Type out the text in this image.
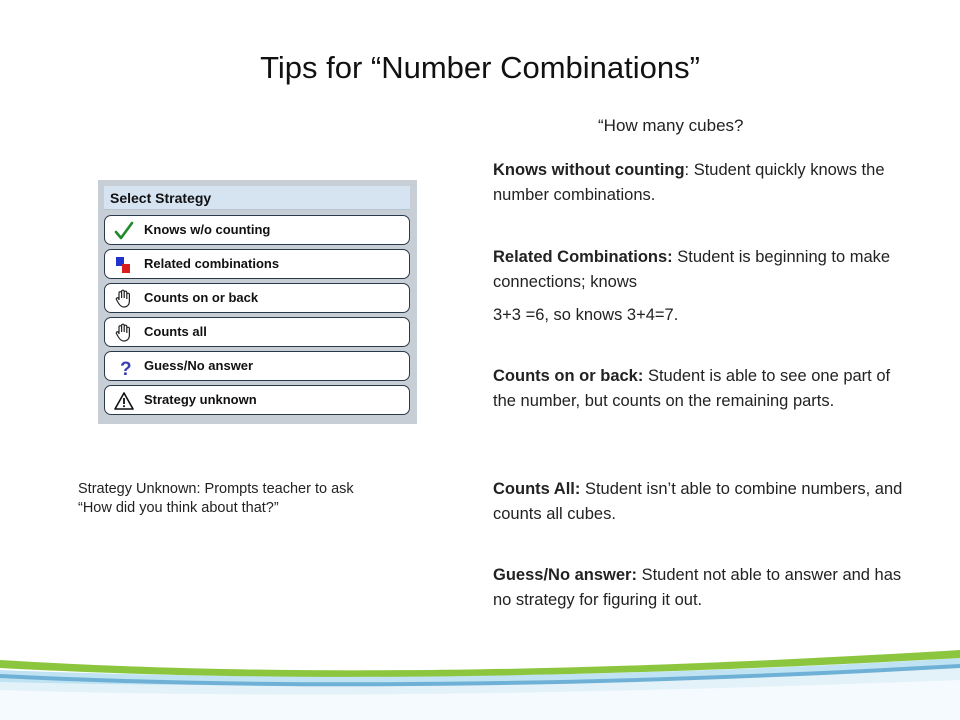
Tips for “Number Combinations”
“How many cubes?
Select Strategy
Knows w/o counting
Related combinations
Counts on or back
Counts all
? Guess/No answer
Strategy unknown
Strategy Unknown: Prompts teacher to ask
“How did you think about that?”

Knows without counting: Student quickly knows the number combinations.

Related Combinations: Student is beginning to make connections; knows

3+3 =6, so knows 3+4=7.

Counts on or back: Student is able to see one part of the number, but counts on the remaining parts.

Counts All: Student isn’t able to combine numbers, and counts all cubes.

Guess/No answer: Student not able to answer and has no strategy for figuring it out.
